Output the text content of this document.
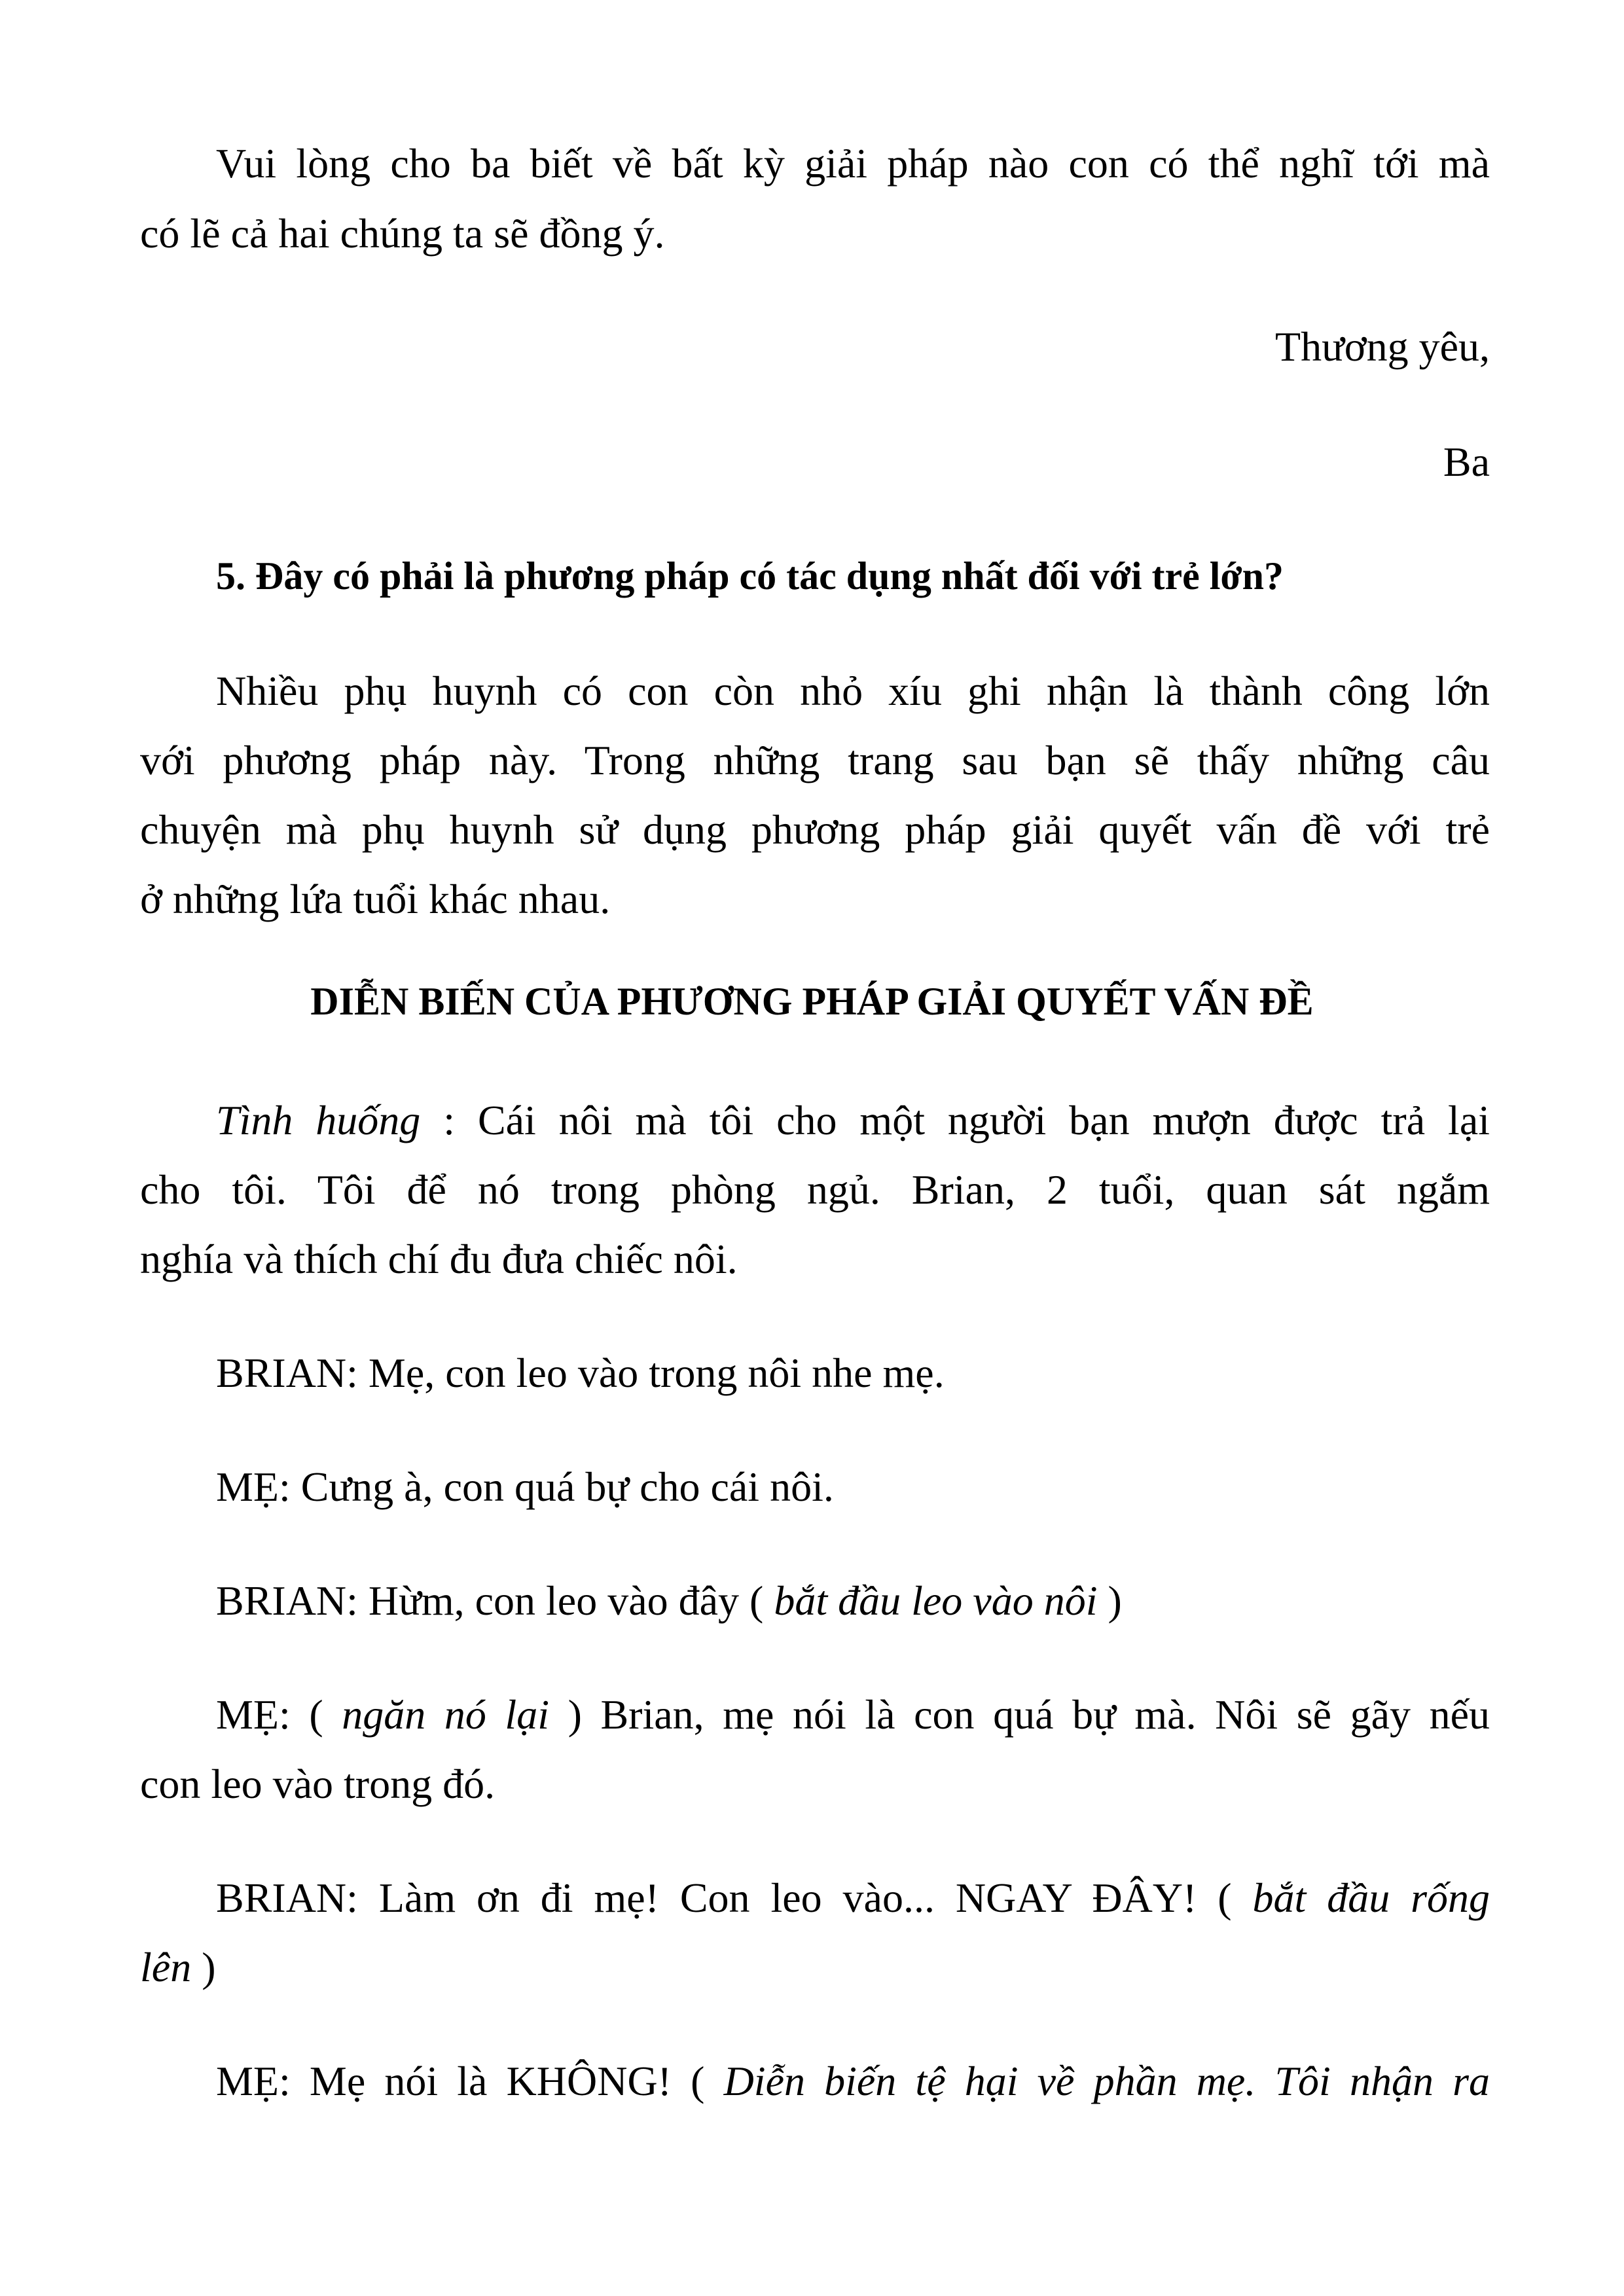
Vui lòng cho ba biết về bất kỳ giải pháp nào con có thể nghĩ tới mà
có lẽ cả hai chúng ta sẽ đồng ý.
Thương yêu,
Ba
5. Đây có phải là phương pháp có tác dụng nhất đối với trẻ lớn?
Nhiều phụ huynh có con còn nhỏ xíu ghi nhận là thành công lớn
với phương pháp này. Trong những trang sau bạn sẽ thấy những câu
chuyện mà phụ huynh sử dụng phương pháp giải quyết vấn đề với trẻ
ở những lứa tuổi khác nhau.
DIỄN BIẾN CỦA PHƯƠNG PHÁP GIẢI QUYẾT VẤN ĐỀ
Tình huống : Cái nôi mà tôi cho một người bạn mượn được trả lại
cho tôi. Tôi để nó trong phòng ngủ. Brian, 2 tuổi, quan sát ngắm
nghía và thích chí đu đưa chiếc nôi.
BRIAN: Mẹ, con leo vào trong nôi nhe mẹ.
MẸ: Cưng à, con quá bự cho cái nôi.
BRIAN: Hừm, con leo vào đây ( bắt đầu leo vào nôi )
MẸ: ( ngăn nó lại ) Brian, mẹ nói là con quá bự mà. Nôi sẽ gãy nếu
con leo vào trong đó.
BRIAN: Làm ơn đi mẹ! Con leo vào... NGAY ĐÂY! ( bắt đầu rống
lên )
MẸ: Mẹ nói là KHÔNG! ( Diễn biến tệ hại về phần mẹ. Tôi nhận ra
